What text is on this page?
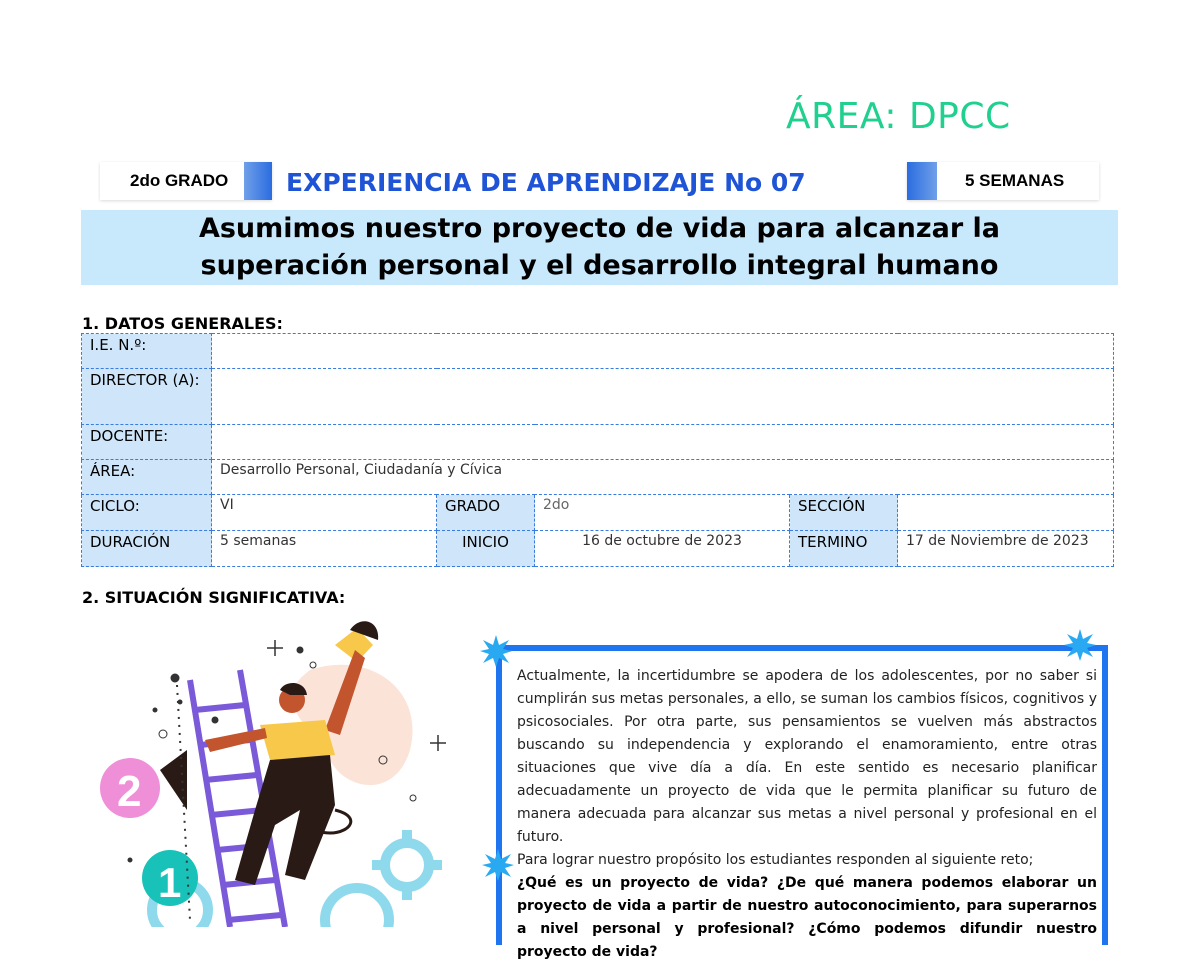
ÁREA: DPCC
2do GRADO	EXPERIENCIA DE APRENDIZAJE No 07	5 SEMANAS
Asumimos nuestro proyecto de vida para alcanzar la
superación personal y el desarrollo integral humano
1. DATOS GENERALES:
I.E. N.º:					
DIRECTOR (A):					
DOCENTE:					
ÁREA:	Desarrollo Personal, Ciudadanía y Cívica				
CICLO:	VI	GRADO	2do	SECCIÓN	
DURACIÓN	5 semanas	INICIO	16 de octubre de 2023	TERMINO	17 de Noviembre de 2023
2. SITUACIÓN SIGNIFICATIVA:
2
1

Actualmente, la incertidumbre se apodera de los adolescentes, por no saber si cumplirán sus metas personales, a ello, se suman los cambios físicos, cognitivos y psicosociales. Por otra parte, sus pensamientos se vuelven más abstractos buscando su independencia y explorando el enamoramiento, entre otras situaciones que vive día a día. En este sentido es necesario planificar adecuadamente un proyecto de vida que le permita planificar su futuro de manera adecuada para alcanzar sus metas a nivel personal y profesional en el futuro.

Para lograr nuestro propósito los estudiantes responden al siguiente reto;

¿Qué es un proyecto de vida? ¿De qué manera podemos elaborar un proyecto de vida a partir de nuestro autoconocimiento, para superarnos a nivel personal y profesional? ¿Cómo podemos difundir nuestro proyecto de vida?
